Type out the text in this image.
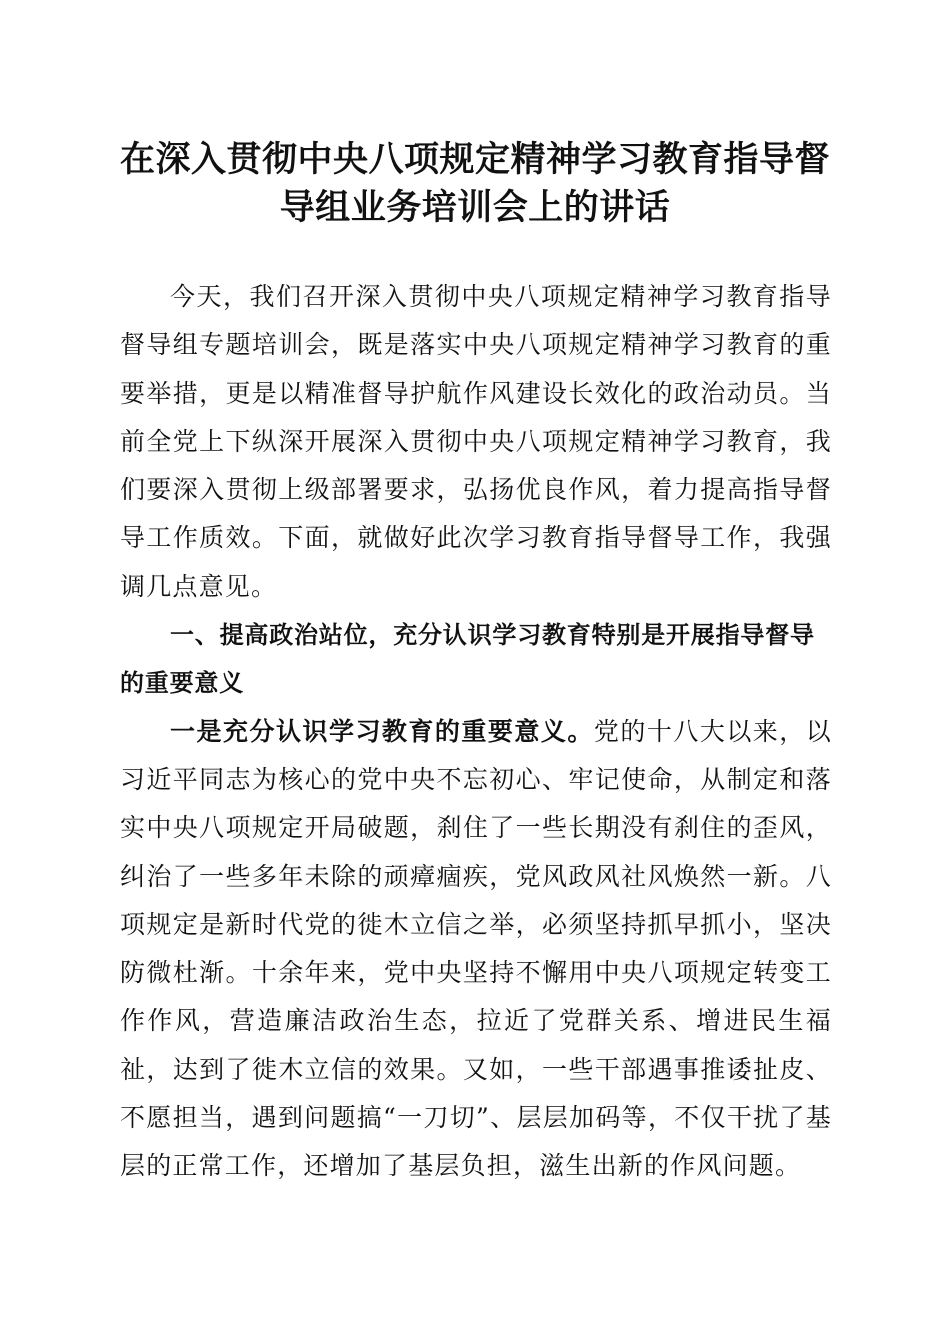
在深入贯彻中央八项规定精神学习教育指导督导组业务培训会上的讲话

今天，我们召开深入贯彻中央八项规定精神学习教育指导督导组专题培训会，既是落实中央八项规定精神学习教育的重要举措，更是以精准督导护航作风建设长效化的政治动员。当前全党上下纵深开展深入贯彻中央八项规定精神学习教育，我们要深入贯彻上级部署要求，弘扬优良作风，着力提高指导督导工作质效。下面，就做好此次学习教育指导督导工作，我强调几点意见。

一、提高政治站位，充分认识学习教育特别是开展指导督导的重要意义

一是充分认识学习教育的重要意义。党的十八大以来，以习近平同志为核心的党中央不忘初心、牢记使命，从制定和落实中央八项规定开局破题，刹住了一些长期没有刹住的歪风，纠治了一些多年未除的顽瘴痼疾，党风政风社风焕然一新。八项规定是新时代党的徙木立信之举，必须坚持抓早抓小，坚决防微杜渐。十余年来，党中央坚持不懈用中央八项规定转变工作作风，营造廉洁政治生态，拉近了党群关系、增进民生福祉，达到了徙木立信的效果。又如，一些干部遇事推诿扯皮、不愿担当，遇到问题搞“一刀切”、层层加码等，不仅干扰了基层的正常工作，还增加了基层负担，滋生出新的作风问题。
